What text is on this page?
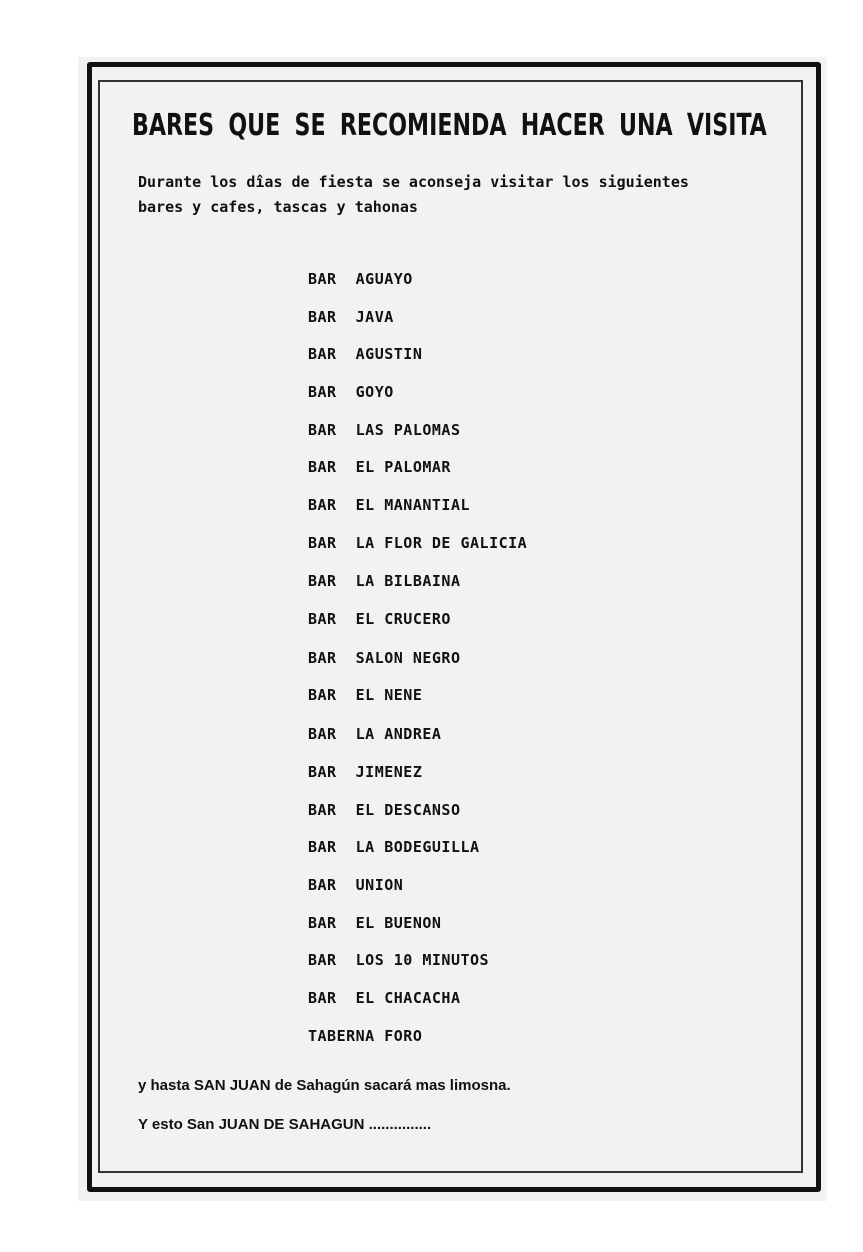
BARES QUE SE RECOMIENDA HACER UNA VISITA
Durante los dîas de fiesta se aconseja visitar los siguientes
bares y cafes, tascas y tahonas
BAR  AGUAYO
BAR  JAVA
BAR  AGUSTIN
BAR  GOYO
BAR  LAS PALOMAS
BAR  EL PALOMAR
BAR  EL MANANTIAL
BAR  LA FLOR DE GALICIA
BAR  LA BILBAINA
BAR  EL CRUCERO
BAR  SALON NEGRO
BAR  EL NENE
BAR  LA ANDREA
BAR  JIMENEZ
BAR  EL DESCANSO
BAR  LA BODEGUILLA
BAR  UNION
BAR  EL BUENON
BAR  LOS 10 MINUTOS
BAR  EL CHACACHA
TABERNA FORO
y hasta SAN JUAN de Sahagún sacará mas limosna.
Y esto San JUAN DE SAHAGUN ...............
